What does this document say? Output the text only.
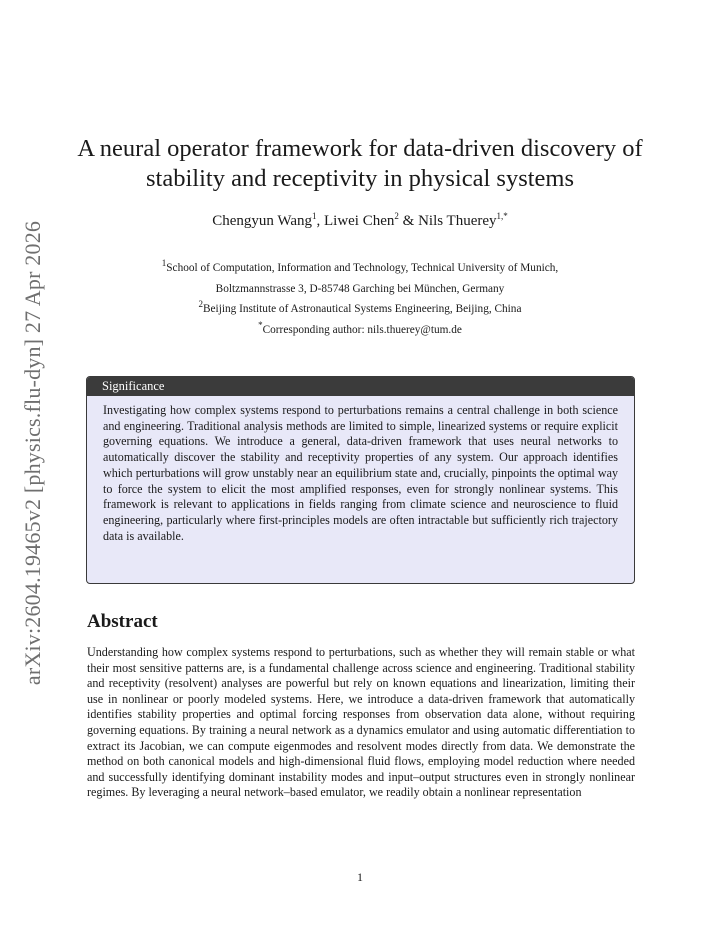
arXiv:2604.19465v2 [physics.flu-dyn] 27 Apr 2026
A neural operator framework for data-driven discovery of stability and receptivity in physical systems
Chengyun Wang$^1$, Liwei Chen$^2$ & Nils Thuerey$^{1,*}$
$^1$School of Computation, Information and Technology, Technical University of Munich,
Boltzmannstrasse 3, D-85748 Garching bei München, Germany
$^2$Beijing Institute of Astronautical Systems Engineering, Beijing, China
*Corresponding author: nils.thuerey@tum.de
Significance
Investigating how complex systems respond to perturbations remains a central challenge in both science and engineering. Traditional analysis methods are limited to simple, linearized systems or require explicit governing equations. We introduce a general, data-driven framework that uses neural networks to automatically discover the stability and receptivity properties of any system. Our approach identifies which perturbations will grow unstably near an equilibrium state and, crucially, pinpoints the optimal way to force the system to elicit the most amplified responses, even for strongly nonlinear systems. This framework is relevant to applications in fields ranging from climate science and neuroscience to fluid engineering, particularly where first-principles models are often intractable but sufficiently rich trajectory data is available.
Abstract
Understanding how complex systems respond to perturbations, such as whether they will remain stable or what their most sensitive patterns are, is a fundamental challenge across science and engineering. Traditional stability and receptivity (resolvent) analyses are powerful but rely on known equations and linearization, limiting their use in nonlinear or poorly modeled systems. Here, we introduce a data-driven framework that automatically identifies stability properties and optimal forcing responses from observation data alone, without requiring governing equations. By training a neural network as a dynamics emulator and using automatic differentiation to extract its Jacobian, we can compute eigenmodes and resolvent modes directly from data. We demonstrate the method on both canonical models and high-dimensional fluid flows, employing model reduction where needed and successfully identifying dominant instability modes and input–output structures even in strongly nonlinear regimes. By leveraging a neural network–based emulator, we readily obtain a nonlinear representation
1
